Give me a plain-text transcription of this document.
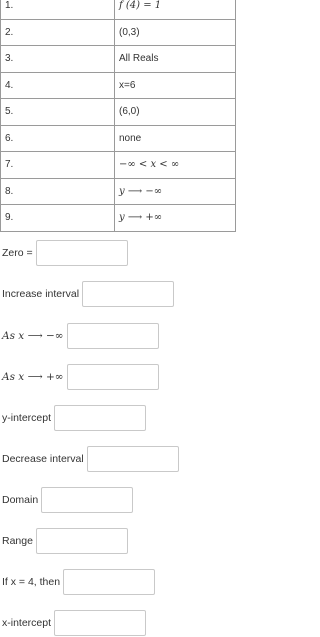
1.	f (4) = 1
2.	(0,3)
3.	All Reals
4.	x=6
5.	(6,0)
6.	none
7.	−∞ < x < ∞
8.	y ⟶ −∞
9.	y ⟶ +∞
Zero =
Increase interval
As x ⟶ −∞
As x ⟶ +∞
y-intercept
Decrease interval
Domain
Range
If x = 4, then
x-intercept
